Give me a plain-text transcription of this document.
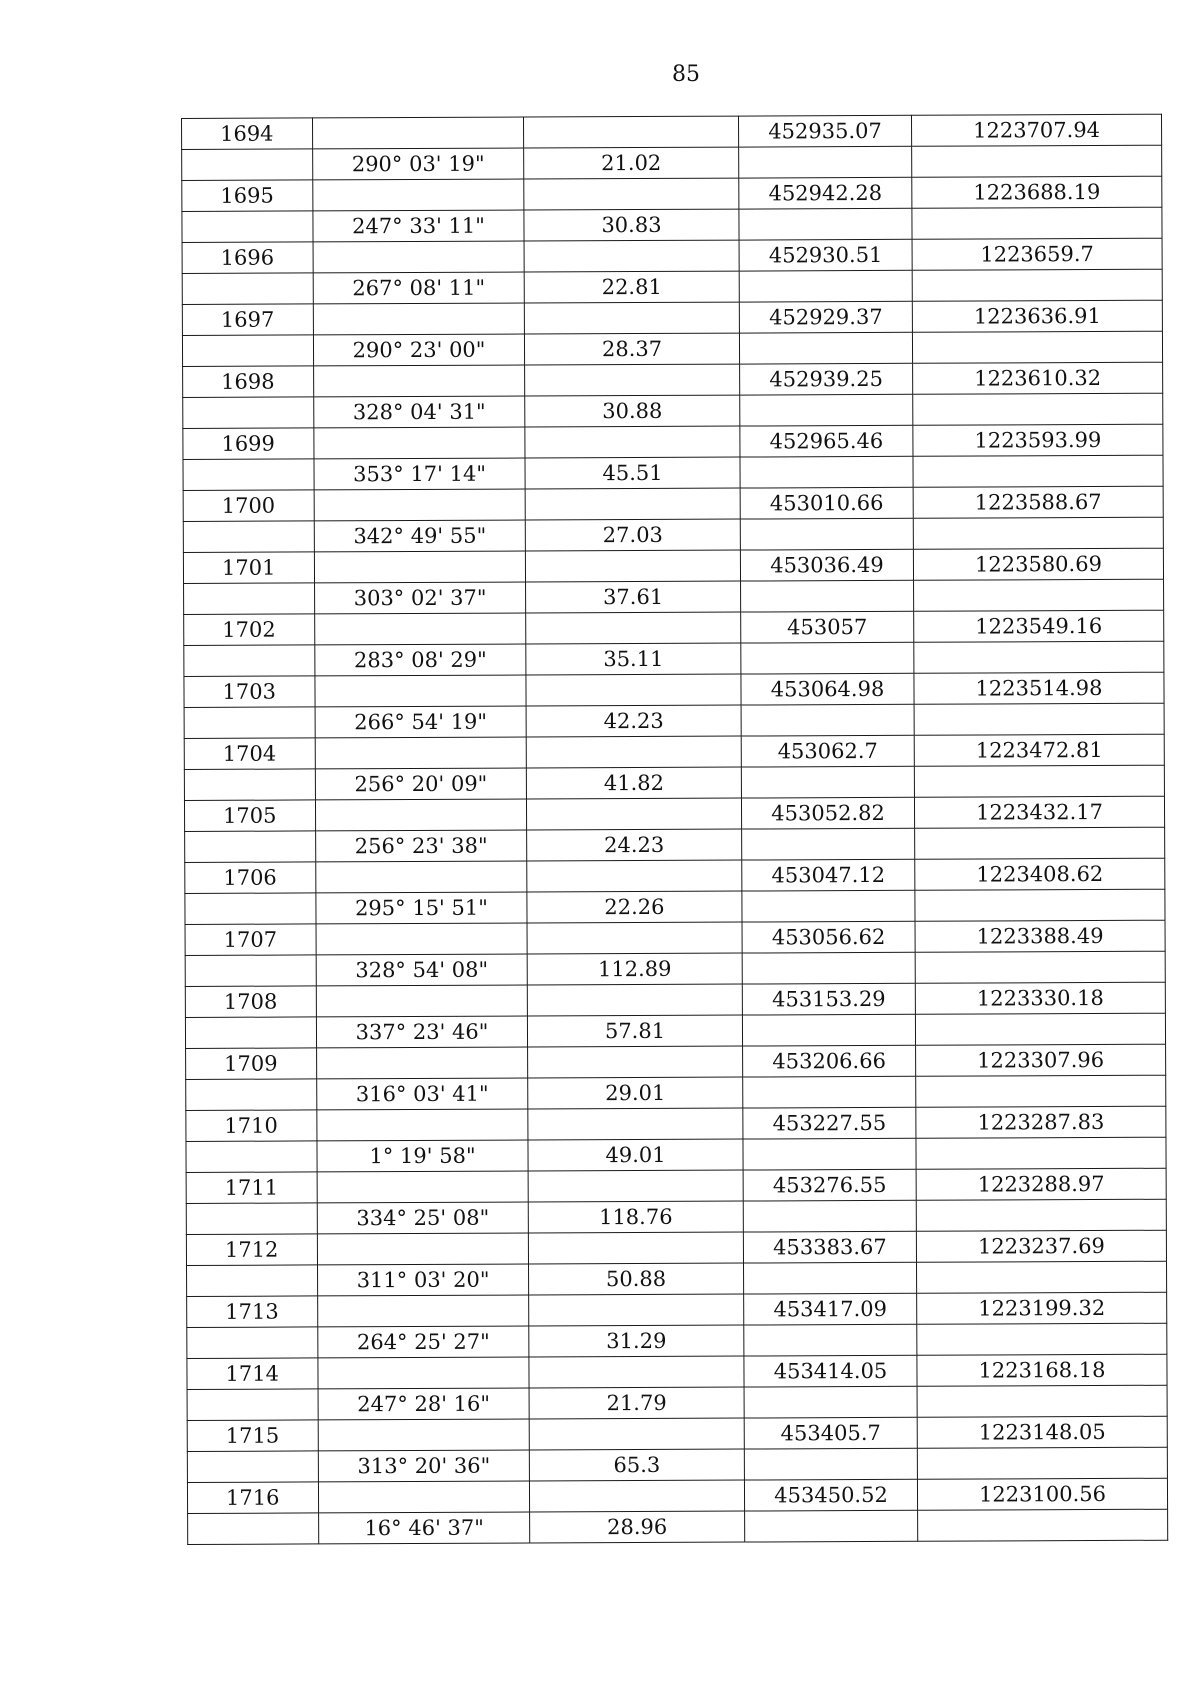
85
1694			452935.07	1223707.94
	290° 03' 19"	21.02		
1695			452942.28	1223688.19
	247° 33' 11"	30.83		
1696			452930.51	1223659.7
	267° 08' 11"	22.81		
1697			452929.37	1223636.91
	290° 23' 00"	28.37		
1698			452939.25	1223610.32
	328° 04' 31"	30.88		
1699			452965.46	1223593.99
	353° 17' 14"	45.51		
1700			453010.66	1223588.67
	342° 49' 55"	27.03		
1701			453036.49	1223580.69
	303° 02' 37"	37.61		
1702			453057	1223549.16
	283° 08' 29"	35.11		
1703			453064.98	1223514.98
	266° 54' 19"	42.23		
1704			453062.7	1223472.81
	256° 20' 09"	41.82		
1705			453052.82	1223432.17
	256° 23' 38"	24.23		
1706			453047.12	1223408.62
	295° 15' 51"	22.26		
1707			453056.62	1223388.49
	328° 54' 08"	112.89		
1708			453153.29	1223330.18
	337° 23' 46"	57.81		
1709			453206.66	1223307.96
	316° 03' 41"	29.01		
1710			453227.55	1223287.83
	1° 19' 58"	49.01		
1711			453276.55	1223288.97
	334° 25' 08"	118.76		
1712			453383.67	1223237.69
	311° 03' 20"	50.88		
1713			453417.09	1223199.32
	264° 25' 27"	31.29		
1714			453414.05	1223168.18
	247° 28' 16"	21.79		
1715			453405.7	1223148.05
	313° 20' 36"	65.3		
1716			453450.52	1223100.56
	16° 46' 37"	28.96		
